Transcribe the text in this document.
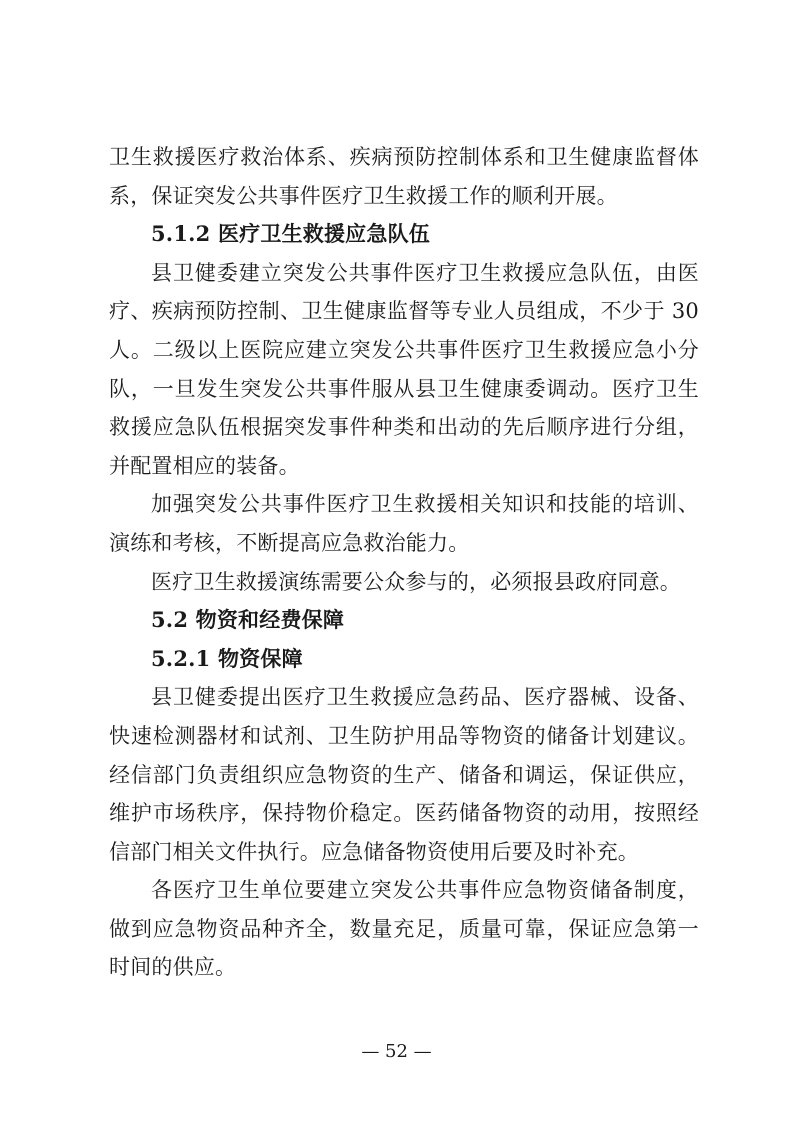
卫生救援医疗救治体系、疾病预防控制体系和卫生健康监督体系，保证突发公共事件医疗卫生救援工作的顺利开展。

5.1.2 医疗卫生救援应急队伍

县卫健委建立突发公共事件医疗卫生救援应急队伍，由医疗、疾病预防控制、卫生健康监督等专业人员组成，不少于 30 人。二级以上医院应建立突发公共事件医疗卫生救援应急小分队，一旦发生突发公共事件服从县卫生健康委调动。医疗卫生救援应急队伍根据突发事件种类和出动的先后顺序进行分组，并配置相应的装备。

加强突发公共事件医疗卫生救援相关知识和技能的培训、演练和考核，不断提高应急救治能力。

医疗卫生救援演练需要公众参与的，必须报县政府同意。

5.2 物资和经费保障

5.2.1 物资保障

县卫健委提出医疗卫生救援应急药品、医疗器械、设备、快速检测器材和试剂、卫生防护用品等物资的储备计划建议。经信部门负责组织应急物资的生产、储备和调运，保证供应，维护市场秩序，保持物价稳定。医药储备物资的动用，按照经信部门相关文件执行。应急储备物资使用后要及时补充。

各医疗卫生单位要建立突发公共事件应急物资储备制度，做到应急物资品种齐全，数量充足，质量可靠，保证应急第一时间的供应。

— 52 —
